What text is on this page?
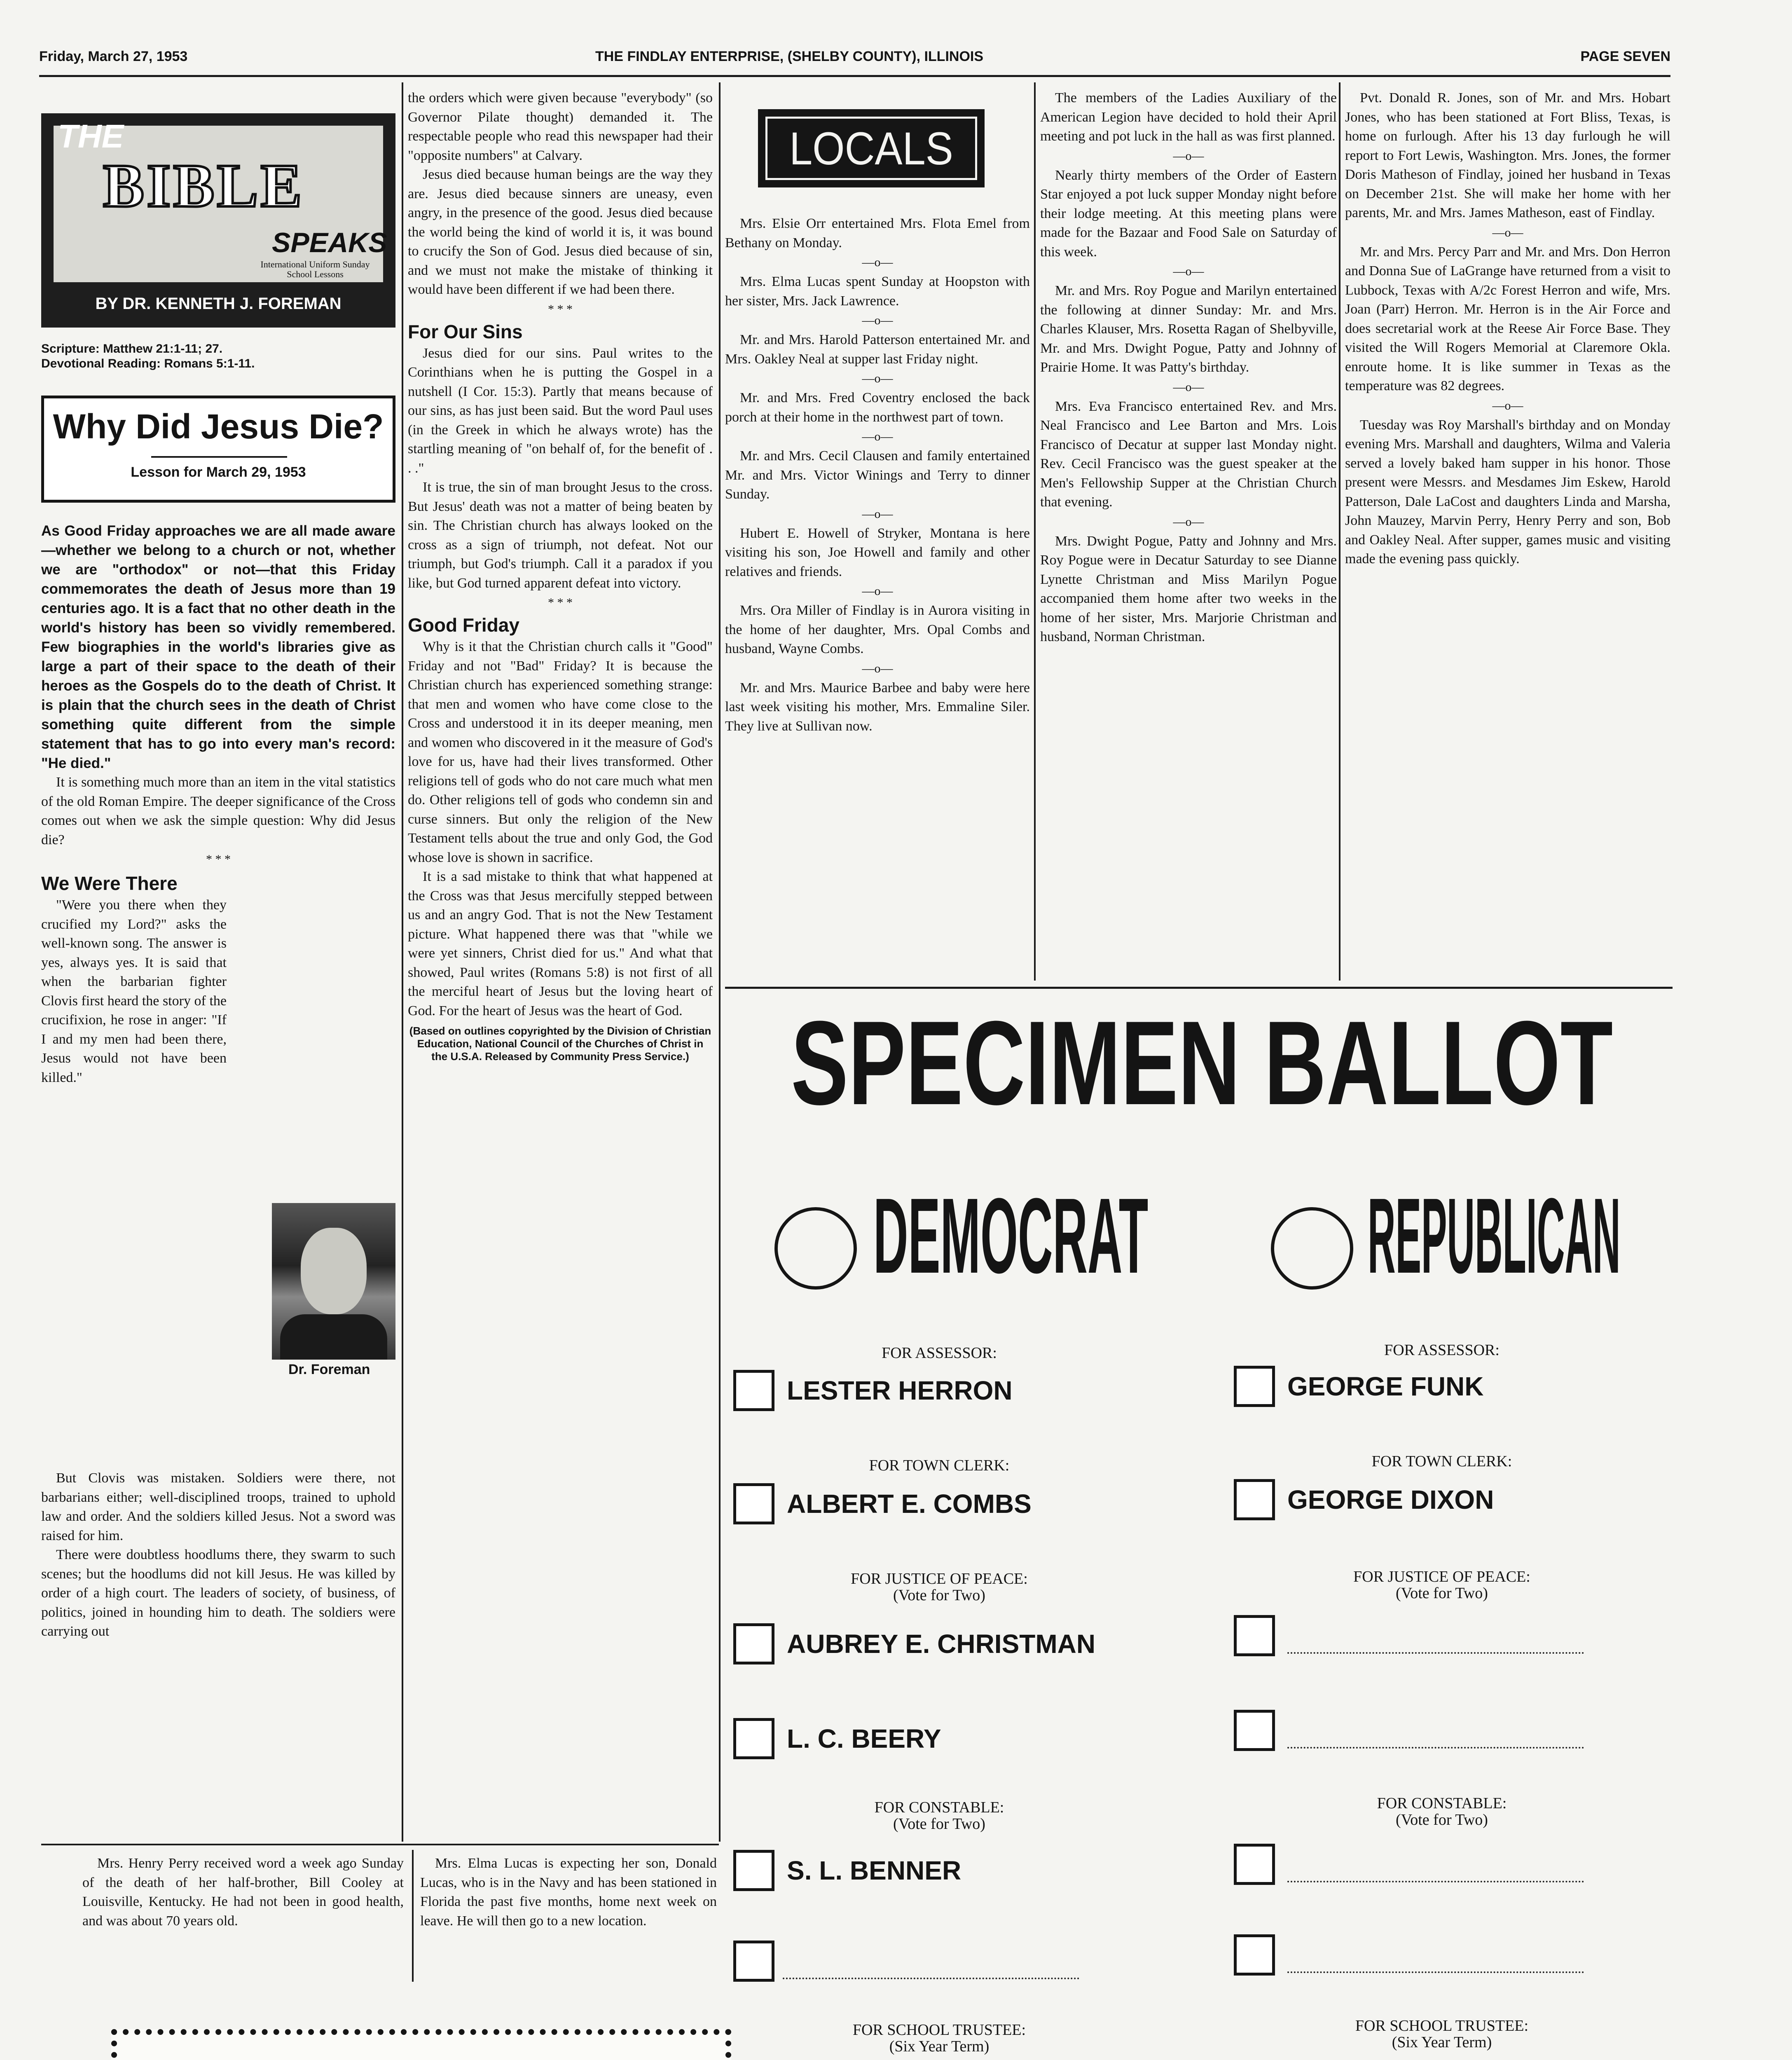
Friday, March 27, 1953	THE FINDLAY ENTERPRISE, (SHELBY COUNTY), ILLINOIS	PAGE SEVEN
THE
BIBLE
SPEAKS
International Uniform Sunday School Lessons
BY DR. KENNETH J. FOREMAN
Scripture: Matthew 21:1-11; 27.
Devotional Reading: Romans 5:1-11.
Why Did Jesus Die?
Lesson for March 29, 1953

As Good Friday approaches we are all made aware—whether we belong to a church or not, whether we are "orthodox" or not—that this Friday commemorates the death of Jesus more than 19 centuries ago. It is a fact that no other death in the world's history has been so vividly remembered. Few biographies in the world's libraries give as large a part of their space to the death of their heroes as the Gospels do to the death of Christ. It is plain that the church sees in the death of Christ something quite different from the simple statement that has to go into every man's record: "He died."

It is something much more than an item in the vital statistics of the old Roman Empire. The deeper significance of the Cross comes out when we ask the simple question: Why did Jesus die?

* * *
We Were There

"Were you there when they crucified my Lord?" asks the well-known song. The answer is yes, always yes. It is said that when the barbarian fighter Clovis first heard the story of the crucifixion, he rose in anger: "If I and my men had been there, Jesus would not have been killed."

Dr. Foreman

But Clovis was mistaken. Soldiers were there, not barbarians either; well-disciplined troops, trained to uphold law and order. And the soldiers killed Jesus. Not a sword was raised for him.

There were doubtless hoodlums there, they swarm to such scenes; but the hoodlums did not kill Jesus. He was killed by order of a high court. The leaders of society, of business, of politics, joined in hounding him to death. The soldiers were carrying out

the orders which were given because "everybody" (so Governor Pilate thought) demanded it. The respectable people who read this newspaper had their "opposite numbers" at Calvary.

Jesus died because human beings are the way they are. Jesus died because sinners are uneasy, even angry, in the presence of the good. Jesus died because the world being the kind of world it is, it was bound to crucify the Son of God. Jesus died because of sin, and we must not make the mistake of thinking it would have been different if we had been there.

* * *
For Our Sins

Jesus died for our sins. Paul writes to the Corinthians when he is putting the Gospel in a nutshell (I Cor. 15:3). Partly that means because of our sins, as has just been said. But the word Paul uses (in the Greek in which he always wrote) has the startling meaning of "on behalf of, for the benefit of . . ."

It is true, the sin of man brought Jesus to the cross. But Jesus' death was not a matter of being beaten by sin. The Christian church has always looked on the cross as a sign of triumph, not defeat. Not our triumph, but God's triumph. Call it a paradox if you like, but God turned apparent defeat into victory.

* * *
Good Friday

Why is it that the Christian church calls it "Good" Friday and not "Bad" Friday? It is because the Christian church has experienced something strange: that men and women who have come close to the Cross and understood it in its deeper meaning, men and women who discovered in it the measure of God's love for us, have had their lives transformed. Other religions tell of gods who do not care much what men do. Other religions tell of gods who condemn sin and curse sinners. But only the religion of the New Testament tells about the true and only God, the God whose love is shown in sacrifice.

It is a sad mistake to think that what happened at the Cross was that Jesus mercifully stepped between us and an angry God. That is not the New Testament picture. What happened there was that "while we were yet sinners, Christ died for us." And what that showed, Paul writes (Romans 5:8) is not first of all the merciful heart of Jesus but the loving heart of God. For the heart of Jesus was the heart of God.

(Based on outlines copyrighted by the Division of Christian Education, National Council of the Churches of Christ in the U.S.A. Released by Community Press Service.)

Mrs. Henry Perry received word a week ago Sunday of the death of her half-brother, Bill Cooley at Louisville, Kentucky. He had not been in good health, and was about 70 years old.

Mrs. Elma Lucas is expecting her son, Donald Lucas, who is in the Navy and has been stationed in Florida the past five months, home next week on leave. He will then go to a new location.

LOCALS

Mrs. Elsie Orr entertained Mrs. Flota Emel from Bethany on Monday.

—o—

Mrs. Elma Lucas spent Sunday at Hoopston with her sister, Mrs. Jack Lawrence.

—o—

Mr. and Mrs. Harold Patterson entertained Mr. and Mrs. Oakley Neal at supper last Friday night.

—o—

Mr. and Mrs. Fred Coventry enclosed the back porch at their home in the northwest part of town.

—o—

Mr. and Mrs. Cecil Clausen and family entertained Mr. and Mrs. Victor Winings and Terry to dinner Sunday.

—o—

Hubert E. Howell of Stryker, Montana is here visiting his son, Joe Howell and family and other relatives and friends.

—o—

Mrs. Ora Miller of Findlay is in Aurora visiting in the home of her daughter, Mrs. Opal Combs and husband, Wayne Combs.

—o—

Mr. and Mrs. Maurice Barbee and baby were here last week visiting his mother, Mrs. Emmaline Siler. They live at Sullivan now.

The members of the Ladies Auxiliary of the American Legion have decided to hold their April meeting and pot luck in the hall as was first planned.

—o—

Nearly thirty members of the Order of Eastern Star enjoyed a pot luck supper Monday night before their lodge meeting. At this meeting plans were made for the Bazaar and Food Sale on Saturday of this week.

—o—

Mr. and Mrs. Roy Pogue and Marilyn entertained the following at dinner Sunday: Mr. and Mrs. Charles Klauser, Mrs. Rosetta Ragan of Shelbyville, Mr. and Mrs. Dwight Pogue, Patty and Johnny of Prairie Home. It was Patty's birthday.

—o—

Mrs. Eva Francisco entertained Rev. and Mrs. Neal Francisco and Lee Barton and Mrs. Lois Francisco of Decatur at supper last Monday night. Rev. Cecil Francisco was the guest speaker at the Men's Fellowship Supper at the Christian Church that evening.

—o—

Mrs. Dwight Pogue, Patty and Johnny and Mrs. Roy Pogue were in Decatur Saturday to see Dianne Lynette Christman and Miss Marilyn Pogue accompanied them home after two weeks in the home of her sister, Mrs. Marjorie Christman and husband, Norman Christman.

Pvt. Donald R. Jones, son of Mr. and Mrs. Hobart Jones, who has been stationed at Fort Bliss, Texas, is home on furlough. After his 13 day furlough he will report to Fort Lewis, Washington. Mrs. Jones, the former Doris Matheson of Findlay, joined her husband in Texas on December 21st. She will make her home with her parents, Mr. and Mrs. James Matheson, east of Findlay.

—o—

Mr. and Mrs. Percy Parr and Mr. and Mrs. Don Herron and Donna Sue of LaGrange have returned from a visit to Lubbock, Texas with A/2c Forest Herron and wife, Mrs. Joan (Parr) Herron. Mr. Herron is in the Air Force and does secretarial work at the Reese Air Force Base. They visited the Will Rogers Memorial at Claremore Okla. enroute home. It is like summer in Texas as the temperature was 82 degrees.

—o—

Tuesday was Roy Marshall's birthday and on Monday evening Mrs. Marshall and daughters, Wilma and Valeria served a lovely baked ham supper in his honor. Those present were Messrs. and Mesdames Jim Eskew, Harold Patterson, Dale LaCost and daughters Linda and Marsha, John Mauzey, Marvin Perry, Henry Perry and son, Bob and Oakley Neal. After supper, games music and visiting made the evening pass quickly.

SPECIMEN BALLOT
DEMOCRAT REPUBLICAN
FOR ASSESSOR:
FOR TOWN CLERK:
FOR JUSTICE OF PEACE:
(Vote for Two)
FOR CONSTABLE:
(Vote for Two)
FOR SCHOOL TRUSTEE:
(Six Year Term)
FOR ASSESSOR:
FOR TOWN CLERK:
FOR JUSTICE OF PEACE:
(Vote for Two)
FOR CONSTABLE:
(Vote for Two)
FOR SCHOOL TRUSTEE:
(Six Year Term)
LESTER HERRON
ALBERT E. COMBS
AUBREY E. CHRISTMAN
L. C. BEERY
S. L. BENNER
GEORGE FUNK
GEORGE DIXON
